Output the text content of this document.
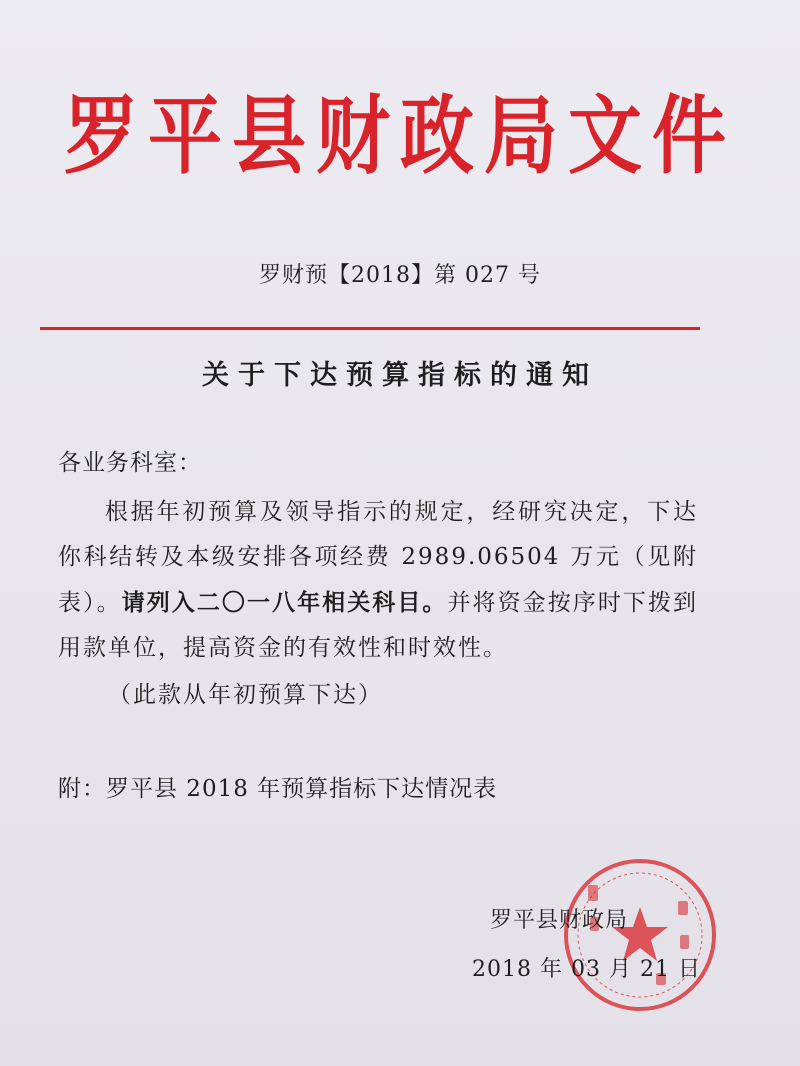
罗平县财政局文件
罗财预【2018】第 027 号
关于下达预算指标的通知
各业务科室：
根据年初预算及领导指示的规定，经研究决定，下达你科结转及本级安排各项经费 2989.06504 万元（见附表）。请列入二〇一八年相关科目。并将资金按序时下拨到用款单位，提高资金的有效性和时效性。
（此款从年初预算下达）
附：罗平县 2018 年预算指标下达情况表
罗平县财政局
2018 年 03 月 21 日
